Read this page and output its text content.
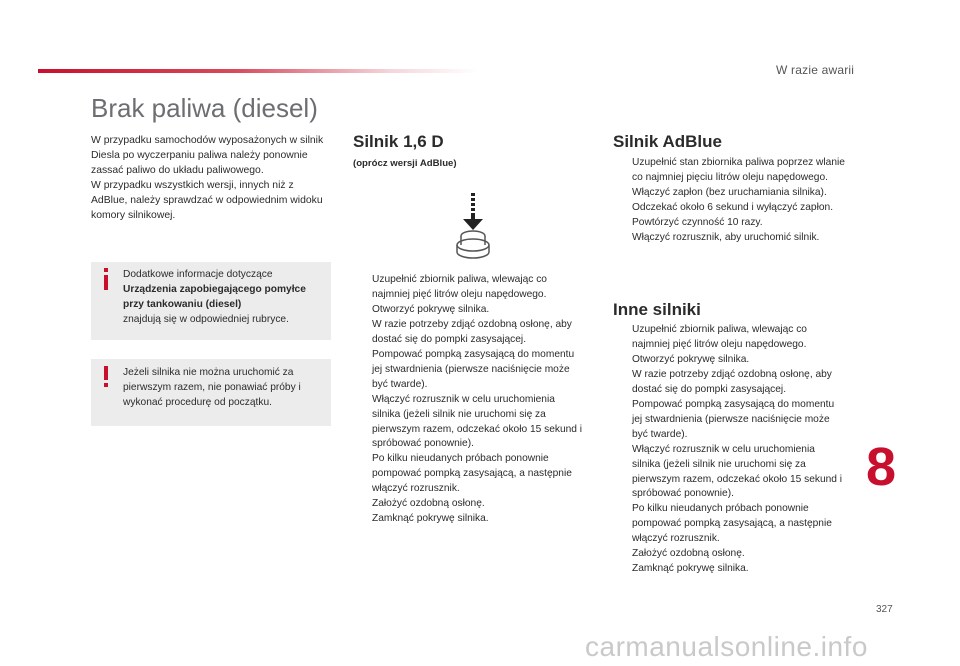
W razie awarii
Brak paliwa (diesel)

W przypadku samochodów wyposażonych w silnik Diesla po wyczerpaniu paliwa należy ponownie zassać paliwo do układu paliwowego.

W przypadku wszystkich wersji, innych niż z AdBlue, należy sprawdzać w odpowiednim widoku komory silnikowej.

Dodatkowe informacje dotyczące
Urządzenia zapobiegającego pomyłce przy tankowaniu (diesel)
znajdują się w odpowiedniej rubryce.
Jeżeli silnika nie można uruchomić za pierwszym razem, nie ponawiać próby i wykonać procedurę od początku.
Silnik 1,6 D
(oprócz wersji AdBlue)
Uzupełnić zbiornik paliwa, wlewając co najmniej pięć litrów oleju napędowego.
Otworzyć pokrywę silnika.
W razie potrzeby zdjąć ozdobną osłonę, aby dostać się do pompki zasysającej.
Pompować pompką zasysającą do momentu jej stwardnienia (pierwsze naciśnięcie może być twarde).
Włączyć rozrusznik w celu uruchomienia silnika (jeżeli silnik nie uruchomi się za pierwszym razem, odczekać około 15 sekund i spróbować ponownie).
Po kilku nieudanych próbach ponownie pompować pompką zasysającą, a następnie włączyć rozrusznik.
Założyć ozdobną osłonę.
Zamknąć pokrywę silnika.
Silnik AdBlue
Uzupełnić stan zbiornika paliwa poprzez wlanie co najmniej pięciu litrów oleju napędowego.
Włączyć zapłon (bez uruchamiania silnika).
Odczekać około 6 sekund i wyłączyć zapłon.
Powtórzyć czynność 10 razy.
Włączyć rozrusznik, aby uruchomić silnik.
Inne silniki
Uzupełnić zbiornik paliwa, wlewając co najmniej pięć litrów oleju napędowego.
Otworzyć pokrywę silnika.
W razie potrzeby zdjąć ozdobną osłonę, aby dostać się do pompki zasysającej.
Pompować pompką zasysającą do momentu jej stwardnienia (pierwsze naciśnięcie może być twarde).
Włączyć rozrusznik w celu uruchomienia silnika (jeżeli silnik nie uruchomi się za pierwszym razem, odczekać około 15 sekund i spróbować ponownie).
Po kilku nieudanych próbach ponownie pompować pompką zasysającą, a następnie włączyć rozrusznik.
Założyć ozdobną osłonę.
Zamknąć pokrywę silnika.
8
327
carmanualsonline.info
